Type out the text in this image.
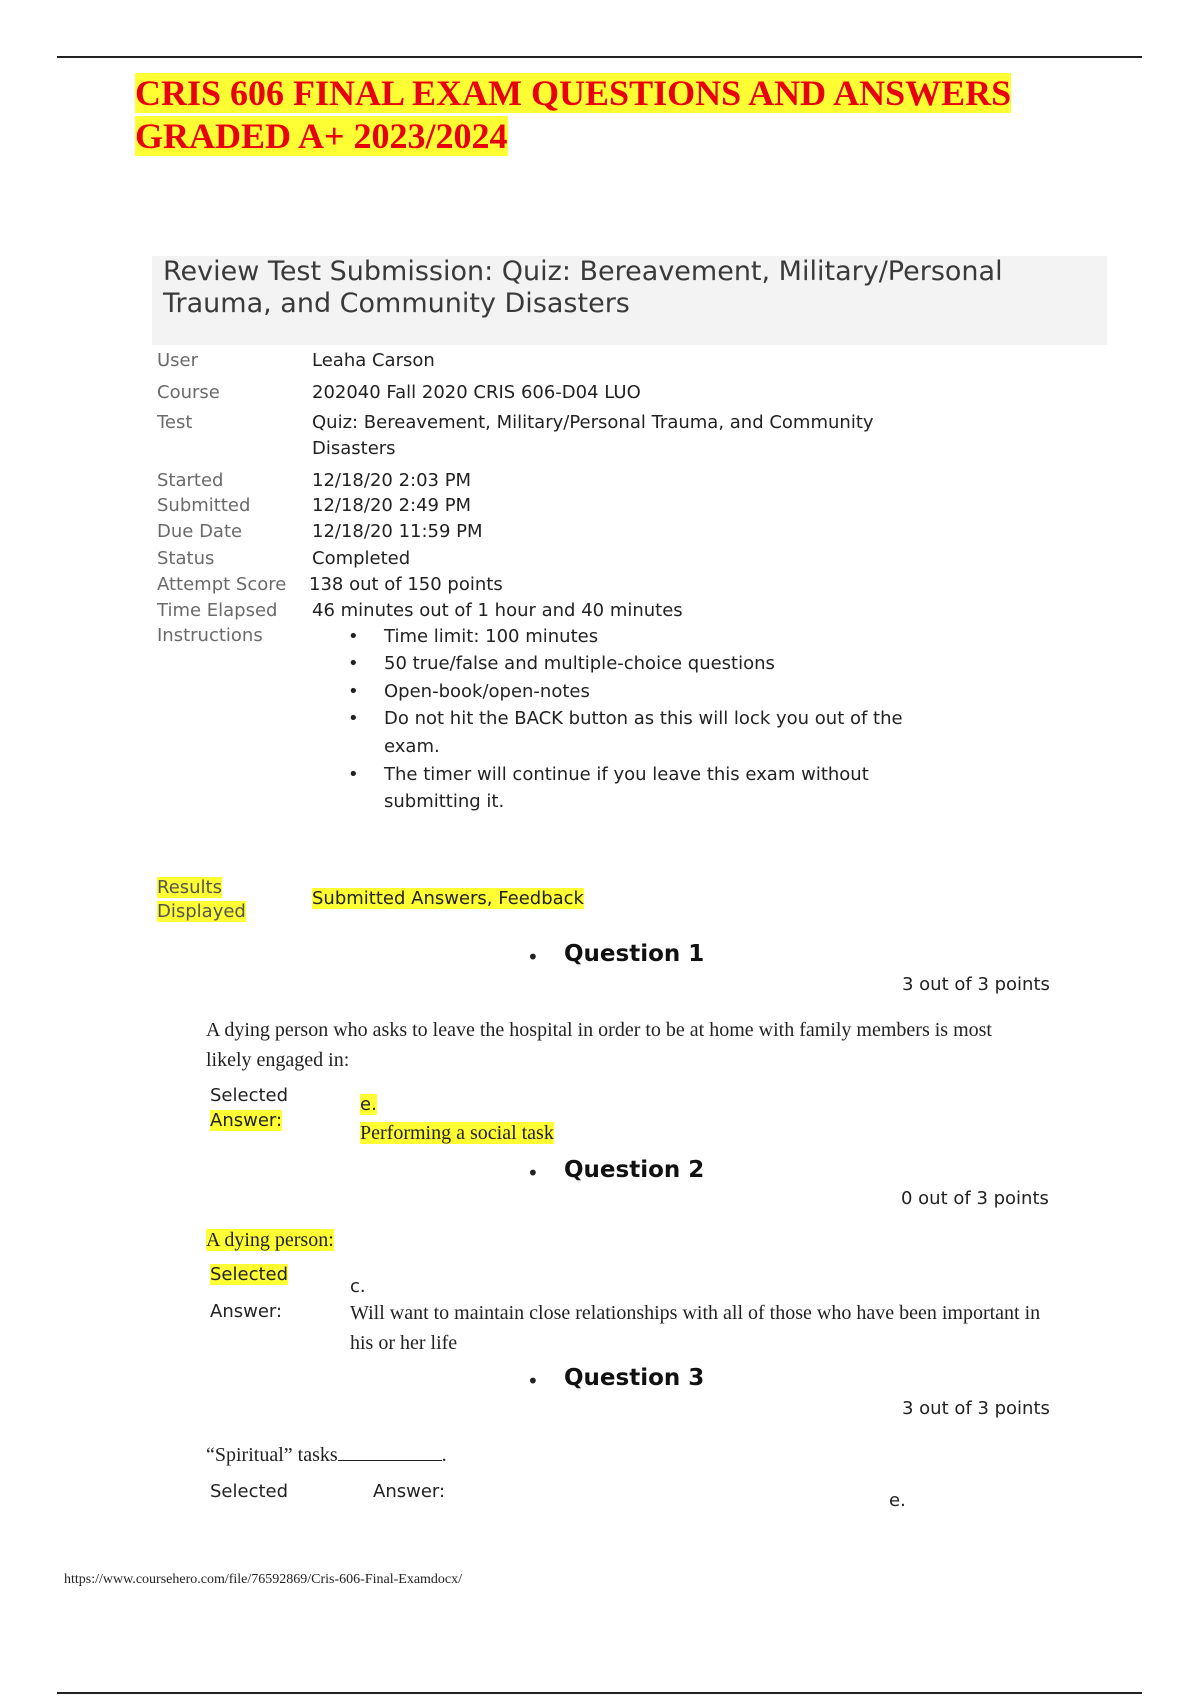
CRIS 606 FINAL EXAM QUESTIONS AND ANSWERS
GRADED A+ 2023/2024
Review Test Submission: Quiz: Bereavement, Military/Personal
Trauma, and Community Disasters
User	Leaha Carson
Course	202040 Fall 2020 CRIS 606-D04 LUO
Test	Quiz: Bereavement, Military/Personal Trauma, and Community
Disasters
Started	12/18/20 2:03 PM
Submitted	12/18/20 2:49 PM
Due Date	12/18/20 11:59 PM
Status	Completed
Attempt Score 138 out of 150 points
Time Elapsed 46 minutes out of 1 hour and 40 minutes
Instructions	• Time limit: 100 minutes
• 50 true/false and multiple-choice questions
• Open-book/open-notes
• Do not hit the BACK button as this will lock you out of the
exam.
• The timer will continue if you leave this exam without
submitting it.
Results
Displayed
Submitted Answers, Feedback
• Question 1
3 out of 3 points
A dying person who asks to leave the hospital in order to be at home with family members is most
likely engaged in:
Selected
Answer:
e.
Performing a social task
• Question 2
0 out of 3 points
A dying person:
Selected
Answer:
c.
Will want to maintain close relationships with all of those who have been important in
his or her life
• Question 3
3 out of 3 points
“Spiritual” tasks	.
Selected	Answer:	e.
https://www.coursehero.com/file/76592869/Cris-606-Final-Examdocx/
